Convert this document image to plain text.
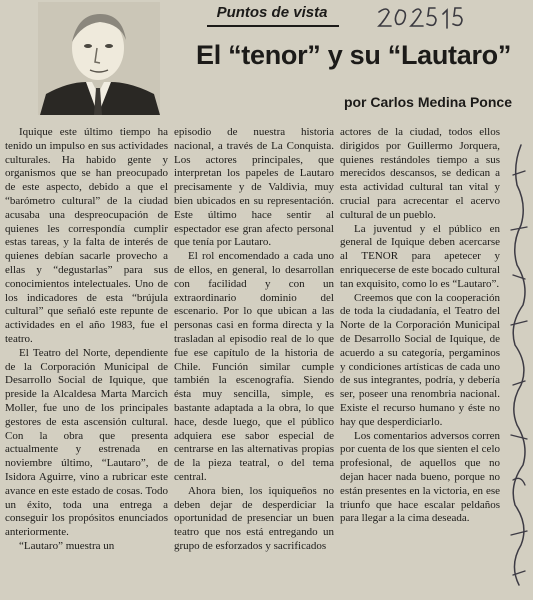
Puntos de vista
El “tenor” y su “Lautaro”
por Carlos Medina Ponce

Iquique este último tiempo ha tenido un impulso en sus actividades culturales. Ha habido gente y organismos que se han preocupado de este aspecto, debido a que el “barómetro cultural” de la ciudad acusaba una despreocupación de quienes les correspondía cumplir estas tareas, y la falta de interés de quienes debían sacarle provecho a ellas y “degustarlas” para sus conocimientos intelectuales. Uno de los indicadores de esta “brújula cultural” que señaló este repunte de actividades en el año 1983, fue el teatro.

El Teatro del Norte, dependiente de la Corporación Municipal de Desarrollo Social de Iquique, que preside la Alcaldesa Marta Marcich Moller, fue uno de los principales gestores de esta ascensión cultural. Con la obra que presenta actualmente y estrenada en noviembre último, “Lautaro”, de Isidora Aguirre, vino a rubricar este avance en este estado de cosas. Todo un éxito, toda una entrega a conseguir los propósitos enunciados anteriormente.

“Lautaro” muestra un

episodio de nuestra historia nacional, a través de La Conquista. Los actores principales, que interpretan los papeles de Lautaro precisamente y de Valdivia, muy bien ubicados en su representación. Este último hace sentir al espectador ese gran afecto personal que tenía por Lautaro.

El rol encomendado a cada uno de ellos, en general, lo desarrollan con facilidad y con un extraordinario dominio del escenario. Por lo que ubican a las personas casi en forma directa y la trasladan al episodio real de lo que fue ese capítulo de la historia de Chile. Función similar cumple también la escenografía. Siendo ésta muy sencilla, simple, es bastante adaptada a la obra, lo que hace, desde luego, que el público adquiera ese sabor especial de centrarse en las alternativas propias de la pieza teatral, o del tema central.

Ahora bien, los iquiqueños no deben dejar de desperdiciar la oportunidad de presenciar un buen teatro que nos está entregando un grupo de esforzados y sacrificados

actores de la ciudad, todos ellos dirigidos por Guillermo Jorquera, quienes restándoles tiempo a sus merecidos descansos, se dedican a esta actividad cultural tan vital y crucial para acrecentar el acervo cultural de un pueblo.

La juventud y el público en general de Iquique deben acercarse al TENOR para apetecer y enriquecerse de este bocado cultural tan exquisito, como lo es “Lautaro”.

Creemos que con la cooperación de toda la ciudadanía, el Teatro del Norte de la Corporación Municipal de Desarrollo Social de Iquique, de acuerdo a su categoría, pergaminos y condiciones artísticas de cada uno de sus integrantes, podría, y debería ser, poseer una renombria nacional. Existe el recurso humano y éste no hay que desperdiciarlo.

Los comentarios adversos corren por cuenta de los que sienten el celo profesional, de aquellos que no dejan hacer nada bueno, porque no están presentes en la victoria, en ese triunfo que hace escalar peldaños para llegar a la cima deseada.
